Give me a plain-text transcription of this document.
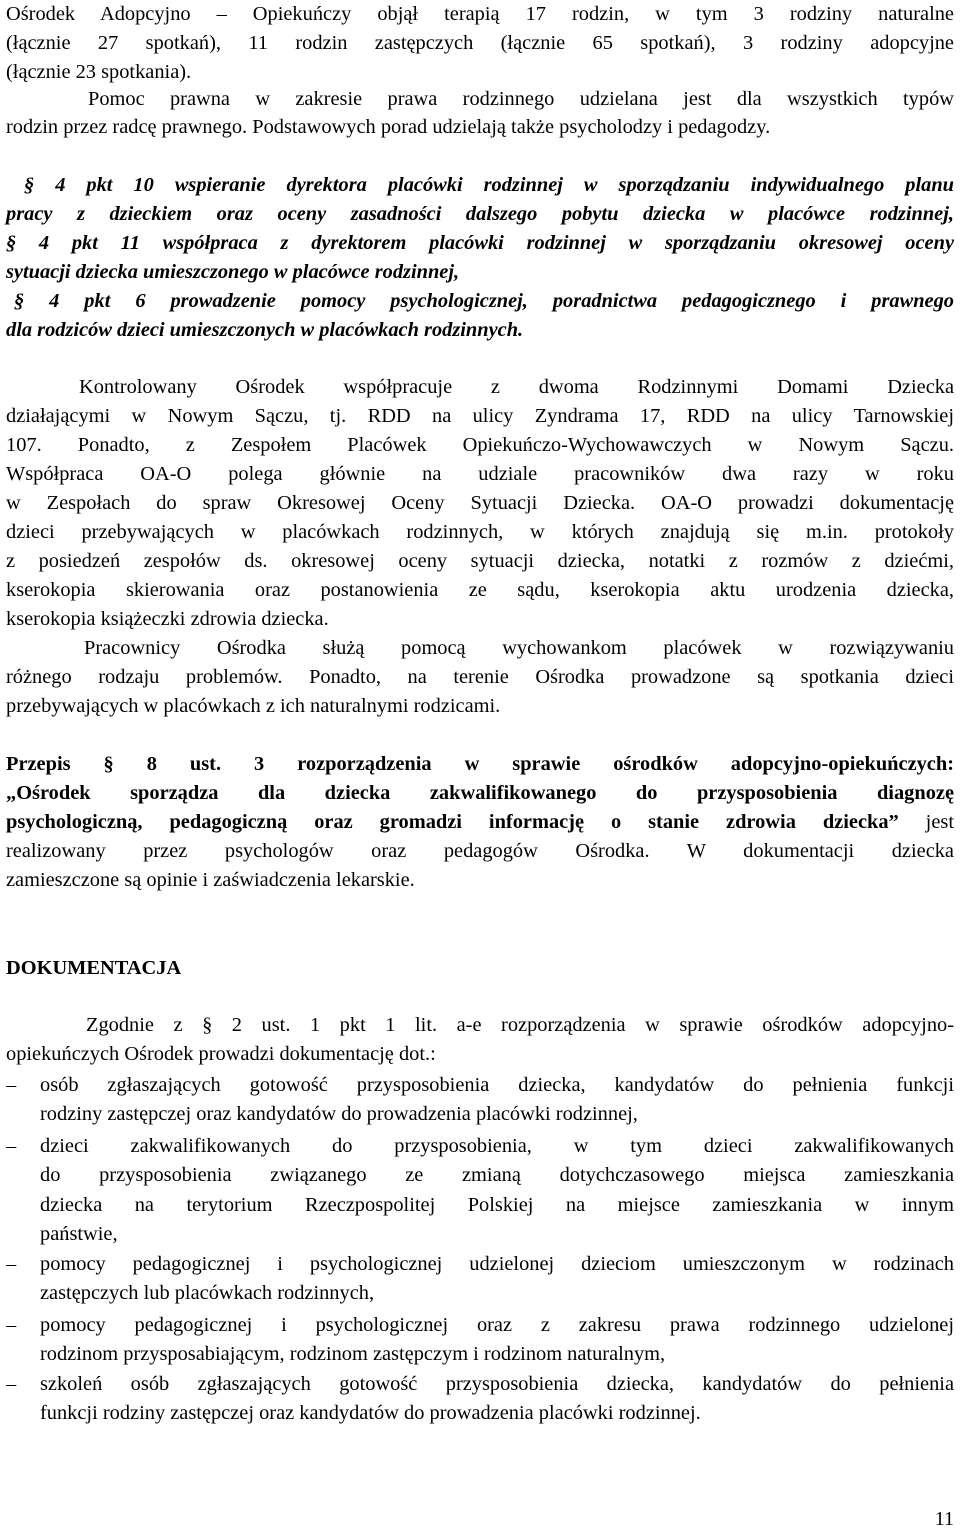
Przepis § 8 ust. 3 rozporządzenia w sprawie ośrodków adopcyjno-opiekuńczych:
„Ośrodek sporządza dla dziecka zakwalifikowanego do przysposobienia diagnozę
psychologiczną, pedagogiczną oraz gromadzi informację o stanie zdrowia dziecka” jest
realizowany przez psychologów oraz pedagogów Ośrodka. W dokumentacji dziecka
zamieszczone są opinie i zaświadczenia lekarskie.
DOKUMENTACJA
Zgodnie z § 2 ust. 1 pkt 1 lit. a-e rozporządzenia w sprawie ośrodków adopcyjno-
opiekuńczych Ośrodek prowadzi dokumentację dot.:
–	osób zgłaszających gotowość przysposobienia dziecka, kandydatów do pełnienia funkcji
rodziny zastępczej oraz kandydatów do prowadzenia placówki rodzinnej,
–	dzieci zakwalifikowanych do przysposobienia, w tym dzieci zakwalifikowanych
do przysposobienia związanego ze zmianą dotychczasowego miejsca zamieszkania
dziecka na terytorium Rzeczpospolitej Polskiej na miejsce zamieszkania w innym
państwie,
–	pomocy pedagogicznej i psychologicznej udzielonej dzieciom umieszczonym w rodzinach
zastępczych lub placówkach rodzinnych,
–	pomocy pedagogicznej i psychologicznej oraz z zakresu prawa rodzinnego udzielonej
rodzinom przysposabiającym, rodzinom zastępczym i rodzinom naturalnym,
–	szkoleń osób zgłaszających gotowość przysposobienia dziecka, kandydatów do pełnienia
funkcji rodziny zastępczej oraz kandydatów do prowadzenia placówki rodzinnej.
11
Ośrodek Adopcyjno – Opiekuńczy objął terapią 17 rodzin, w tym 3 rodziny naturalne
(łącznie 27 spotkań), 11 rodzin zastępczych (łącznie 65 spotkań), 3 rodziny adopcyjne
(łącznie 23 spotkania).
Pomoc prawna w zakresie prawa rodzinnego udzielana jest dla wszystkich typów
rodzin przez radcę prawnego. Podstawowych porad udzielają także psycholodzy i pedagodzy.
§ 4 pkt 10 wspieranie dyrektora placówki rodzinnej w sporządzaniu indywidualnego planu
pracy z dzieckiem oraz oceny zasadności dalszego pobytu dziecka w placówce rodzinnej,
§ 4 pkt 11 współpraca z dyrektorem placówki rodzinnej w sporządzaniu okresowej oceny
sytuacji dziecka umieszczonego w placówce rodzinnej,
§ 4 pkt 6 prowadzenie pomocy psychologicznej, poradnictwa pedagogicznego i prawnego
dla rodziców dzieci umieszczonych w placówkach rodzinnych.
Kontrolowany Ośrodek współpracuje z dwoma Rodzinnymi Domami Dziecka
działającymi w Nowym Sączu, tj. RDD na ulicy Zyndrama 17, RDD na ulicy Tarnowskiej
107. Ponadto, z Zespołem Placówek Opiekuńczo-Wychowawczych w Nowym Sączu.
Współpraca OA-O polega głównie na udziale pracowników dwa razy w roku
w Zespołach do spraw Okresowej Oceny Sytuacji Dziecka. OA-O prowadzi dokumentację
dzieci przebywających w placówkach rodzinnych, w których znajdują się m.in. protokoły
z posiedzeń zespołów ds. okresowej oceny sytuacji dziecka, notatki z rozmów z dziećmi,
kserokopia skierowania oraz postanowienia ze sądu, kserokopia aktu urodzenia dziecka,
kserokopia książeczki zdrowia dziecka.
Pracownicy Ośrodka służą pomocą wychowankom placówek w rozwiązywaniu
różnego rodzaju problemów. Ponadto, na terenie Ośrodka prowadzone są spotkania dzieci
przebywających w placówkach z ich naturalnymi rodzicami.
